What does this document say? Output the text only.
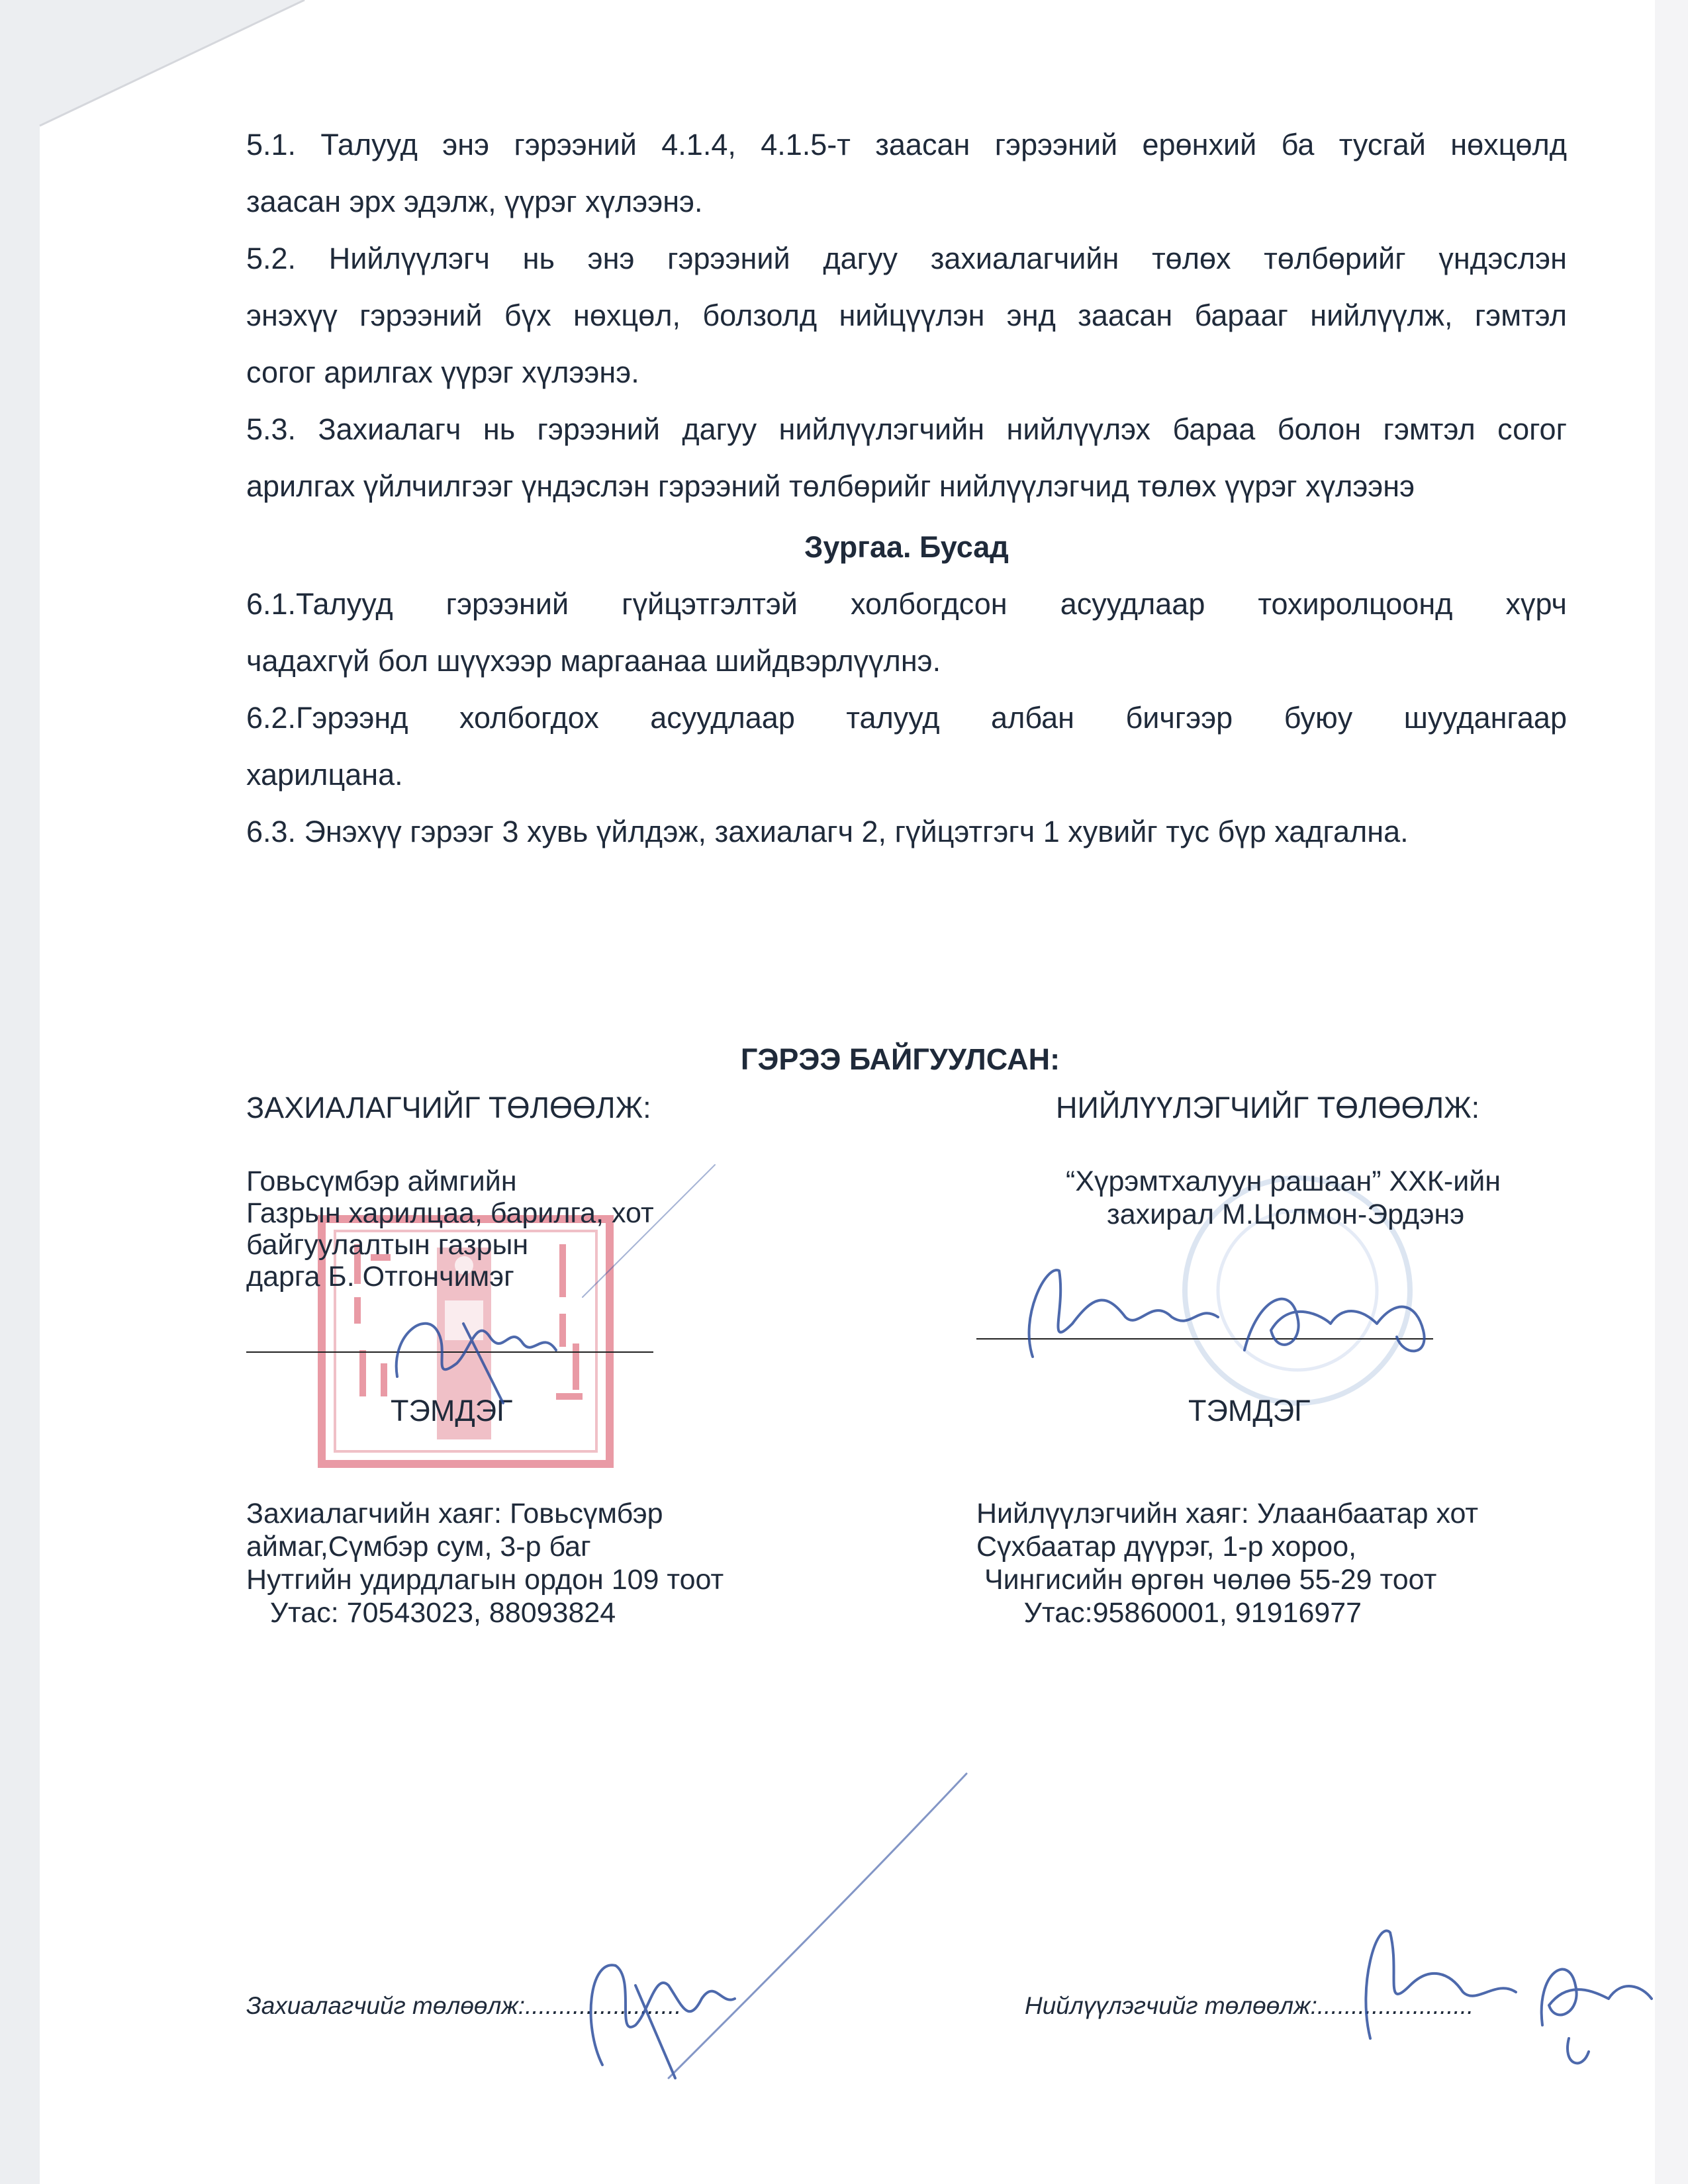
5.1. Талууд энэ гэрээний 4.1.4, 4.1.5-т заасан гэрээний ерөнхий ба тусгай нөхцөлд
заасан эрх эдэлж, үүрэг хүлээнэ.
5.2. Нийлүүлэгч нь энэ гэрээний дагуу захиалагчийн төлөх төлбөрийг үндэслэн
энэхүү гэрээний бүх нөхцөл, болзолд нийцүүлэн энд заасан барааг нийлүүлж, гэмтэл
согог арилгах үүрэг хүлээнэ.
5.3. Захиалагч нь гэрээний дагуу нийлүүлэгчийн нийлүүлэх бараа болон гэмтэл согог
арилгах үйлчилгээг үндэслэн гэрээний төлбөрийг нийлүүлэгчид төлөх үүрэг хүлээнэ
Зургаа. Бусад
6.1.Талууд гэрээний гүйцэтгэлтэй холбогдсон асуудлаар тохиролцоонд хүрч
чадахгүй бол шүүхээр маргаанаа шийдвэрлүүлнэ.
6.2.Гэрээнд холбогдох асуудлаар талууд албан бичгээр буюу шуудангаар
харилцана.
6.3. Энэхүү гэрээг 3 хувь үйлдэж, захиалагч 2, гүйцэтгэгч 1 хувийг тус бүр хадгална.
ГЭРЭЭ БАЙГУУЛСАН:
ЗАХИАЛАГЧИЙГ ТӨЛӨӨЛЖ:	НИЙЛҮҮЛЭГЧИЙГ ТӨЛӨӨЛЖ:
Говьсүмбэр аймгийн
Газрын харилцаа, барилга, хот
байгуулалтын газрын
дарга Б. Отгончимэг
ТЭМДЭГ
Захиалагчийн хаяг: Говьсүмбэр
аймаг,Сүмбэр сум, 3-р баг
Нутгийн удирдлагын ордон 109 тоот
Утас: 70543023, 88093824
“Хүрэмтхалуун рашаан” ХХК-ийн
захирал М.Цолмон-Эрдэнэ
ТЭМДЭГ
Нийлүүлэгчийн хаяг: Улаанбаатар хот
Сүхбаатар дүүрэг, 1-р хороо,
Чингисийн өргөн чөлөө 55-29 тоот
Утас:95860001, 91916977
Захиалагчийг төлөөлж:.......................	Нийлүүлэгчийг төлөөлж:.......................
